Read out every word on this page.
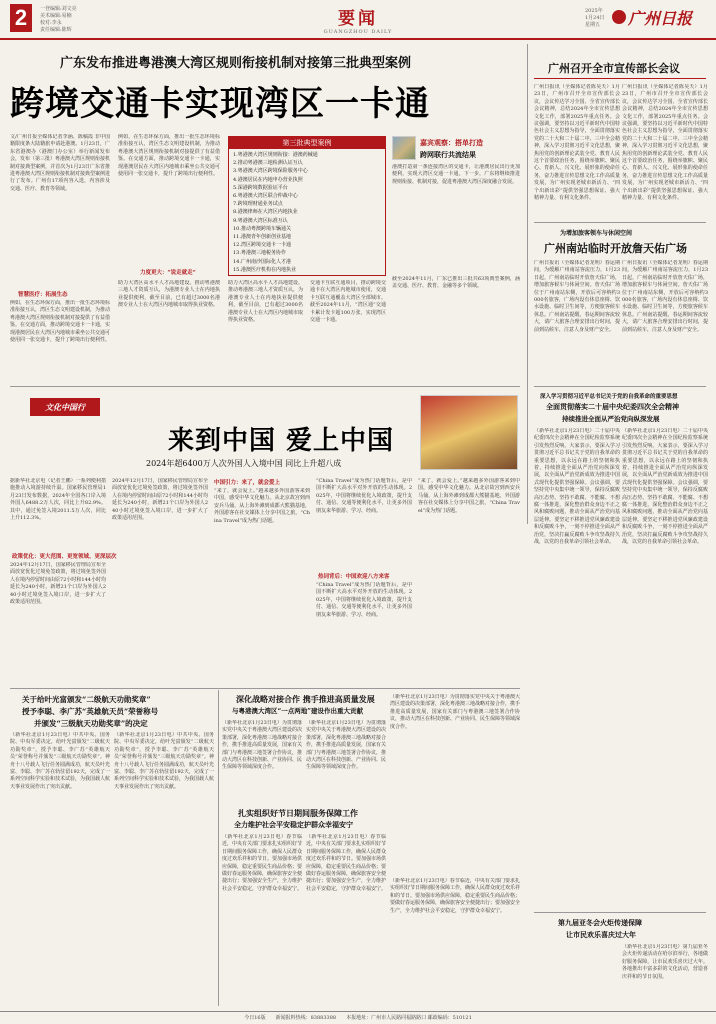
2	一登编辑:刘文亮
美术编辑:易楠
校对:李永
责任编辑:陈辉
要闻
GUANGZHOU DAILY
2025年
1月24日
星期五 广州日报
广东发布推进粤港澳大湾区规则衔接机制对接第三批典型案例
跨境交通卡实现湾区一卡通
文/广州日报全媒体记者李涵、陈稿霞 非中国籍限度条大陆籍旅申请赴港澳。1月23日，广东省港澳办（港澳门办公室）举行新闻发布会，发布（第三批）粤港澳大湾区规则衔接机制对接典型案例，并首次为1月23日广东省推进粤港澳大湾区规则衔接机制对接典型案例进行了发布。广州有17项内容入选，内容涉及交通、医疗、教育等领域。
智慧医疗：拓展生态
例如，在生态环保方面，推出一批生态环境标准衔接互认，湾区生态文明建设机制，为推动粤港澳大湾区规则衔接机制对接提供了有益借鉴。在交通方面，推动跨境交通卡一卡通，实现港澳居民在大湾区内地城市乘坐公共交通可使用同一张交通卡，提升了跨境出行便利性。
例如，在生态环保方面，推出一批生态环境标准衔接互认，湾区生态文明建设机制，为推动粤港澳大湾区规则衔接机制对接提供了有益借鉴。在交通方面，推动跨境交通卡一卡通，实现港澳居民在大湾区内地城市乘坐公共交通可使用同一张交通卡，提升了跨境出行便利性。
力度更大：“说走就走”
助力大湾区高水平人才高地建设。推动粤港澳三地人才资质互认，为港澳专业人士在内地执业提供便利，截至目前，已有超过3000名港澳专业人士在大湾区内地城市取得执业资格。
第三批典型案例
1.粤港澳大湾区规则衔接：港澳药械通
2.推动粤港澳三地检测认证互认
3.粤港澳大湾区跨境保险服务中心
4.港澳居民在内地申办营业执照
5.深港跨境数据验证平台
6.粤港澳大湾区联合仲裁中心
7.跨境理财通业务试点
8.港澳律师在大湾区内地执业
9.粤港澳大湾区标准互认
10.推动粤澳跨境车辆通关
11.港澳青年创新创业基地
12.湾区跨境交通卡一卡通
13.粤港澳三地税务协作
14.广州南沙国际化人才港
15.港澳医疗机构在内地执业
助力大湾区高水平人才高地建设。推动粤港澳三地人才资质互认，为港澳专业人士在内地执业提供便利，截至目前，已有超过3000名港澳专业人士在大湾区内地城市取得执业资格。
交通卡互联互通项目，推动跨境交通卡在大湾区内地城市使用，交通卡互联互通覆盖大湾区全部城市。截至2024年11月，“湾区通”交通卡累计发卡超100万张，实现湾区交通一卡通。
嘉宾观察：搭单打造
跨网联行共流结果
港澳打造第一条连接湾区的交通卡，让港澳居民出行更加便利，实现大湾区交通一卡通。下一步，广东将继续推进规则衔接、机制对接，促进粤港澳大湾区深度融合发展。
截至2024年11月，广东已推出三批共63项典型案例，涵盖交通、医疗、教育、金融等多个领域。
广州召开全市宣传部长会议
广州日报讯（全媒体记者陈昊天）1月23日，广州市召开全市宣传部长会议，会议传达学习全国、全省宣传部长会议精神，总结2024年全市宣传思想文化工作，部署2025年重点任务。会议强调，要坚持以习近平新时代中国特色社会主义思想为指导，全面贯彻落实党的二十大和二十届二中、三中全会精神，深入学习贯彻习近平文化思想，聚焦用党的创新理论武装全党、教育人民这个首要政治任务，围绕举旗帜、聚民心、育新人、兴文化、展形象的使命任务，奋力推进宣传思想文化工作高质量发展，为广州实现老城市新活力、“四个出新出彩”提供坚强思想保证、强大精神力量、有利文化条件。
广州日报讯（全媒体记者陈昊天）1月23日，广州市召开全市宣传部长会议，会议传达学习全国、全省宣传部长会议精神，总结2024年全市宣传思想文化工作，部署2025年重点任务。会议强调，要坚持以习近平新时代中国特色社会主义思想为指导，全面贯彻落实党的二十大和二十届二中、三中全会精神，深入学习贯彻习近平文化思想，聚焦用党的创新理论武装全党、教育人民这个首要政治任务，围绕举旗帜、聚民心、育新人、兴文化、展形象的使命任务，奋力推进宣传思想文化工作高质量发展，为广州实现老城市新活力、“四个出新出彩”提供坚强思想保证、强大精神力量、有利文化条件。
为增加旅客领车与休闲空间
广州南站临时开放詹天佑广场
广州日报讯（全媒体记者龙明）春运期间，为缓解广州南站客流压力，1月23日起，广州南站临时开放詹天佑广场，增加旅客候车与休闲空间。詹天佑广场位于广州南站东侧，开放后可容纳约3000名旅客，广场内设有休息座椅、饮水设施、临时卫生间等，方便旅客候车休息。广州南站提醒，春运期间客流较大，请广大旅客合理安排出行时间，提前到站候车，注意人身及财产安全。
广州日报讯（全媒体记者龙明）春运期间，为缓解广州南站客流压力，1月23日起，广州南站临时开放詹天佑广场，增加旅客候车与休闲空间。詹天佑广场位于广州南站东侧，开放后可容纳约3000名旅客，广场内设有休息座椅、饮水设施、临时卫生间等，方便旅客候车休息。广州南站提醒，春运期间客流较大，请广大旅客合理安排出行时间，提前到站候车，注意人身及财产安全。
文化中国行
来到中国 爱上中国
2024年超6400万人次外国人入境中国 同比上升超八成
据新华社北京电（记者王鹏）一系列便利措施推动入境游持续升温。国家移民管理局1月23日发布数据，2024年全国各口岸入境外国人6488.2万人次，同比上升82.9%。其中，通过免签入境2011.5万人次，同比上升112.3%。
政策优化：更大范围、更宽领域、更深层次
2024年12月17日，国家移民管理局宣布全面放宽优化过境免签政策，将过境免签外国人在境内停留时间由原72小时和144小时均延长为240小时，新增21个口岸为外国人240小时过境免签入境口岸，进一步扩大了政策适用范围。
2024年12月17日，国家移民管理局宣布全面放宽优化过境免签政策，将过境免签外国人在境内停留时间由原72小时和144小时均延长为240小时，新增21个口岸为外国人240小时过境免签入境口岸，进一步扩大了政策适用范围。
中国引力：来了，就会爱上
“来了，就会爱上。”越来越多外国游客来到中国，感受中华文化魅力。从北京故宫到西安兵马俑，从上海外滩到成都大熊猫基地，外国游客在社交媒体上分享中国之旅，“China Travel”成为热门话题。
“China Travel”成为热门话题背后，是中国不断扩大高水平对外开放的生动体现。2025年，中国将继续优化入境政策，提升支付、通信、交通等便利化水平，让更多外国朋友来华旅游、学习、经商。
热词背后：中国欢迎八方来客
“China Travel”成为热门话题背后，是中国不断扩大高水平对外开放的生动体现。2025年，中国将继续优化入境政策，提升支付、通信、交通等便利化水平，让更多外国朋友来华旅游、学习、经商。
“来了，就会爱上。”越来越多外国游客来到中国，感受中华文化魅力。从北京故宫到西安兵马俑，从上海外滩到成都大熊猫基地，外国游客在社交媒体上分享中国之旅，“China Travel”成为热门话题。
深入学习贯彻习近平总书记关于党的自我革命的重要思想
全面贯彻落实二十届中央纪委四次全会精神
持续推进全面从严治党向纵深发展
（新华社北京1月23日电）二十届中央纪委四次全会精神在全国纪检监察系统引发热烈反响。大家表示，要深入学习贯彻习近平总书记关于党的自我革命的重要思想，以永远在路上的坚韧和执着，持续推进全面从严治党向纵深发展，以全面从严治党新成效为推进中国式现代化提供坚强保障。会议强调，要坚持党中央集中统一领导，保持反腐败高压态势，坚持不敢腐、不能腐、不想腐一体推进，深化整治群众身边不正之风和腐败问题，推动全面从严治党向基层延伸。要坚定不移推进党风廉政建设和反腐败斗争，一刻不停推进全面从严治党，坚决打赢反腐败斗争攻坚战持久战，以党的自我革命引领社会革命。
（新华社北京1月23日电）二十届中央纪委四次全会精神在全国纪检监察系统引发热烈反响。大家表示，要深入学习贯彻习近平总书记关于党的自我革命的重要思想，以永远在路上的坚韧和执着，持续推进全面从严治党向纵深发展，以全面从严治党新成效为推进中国式现代化提供坚强保障。会议强调，要坚持党中央集中统一领导，保持反腐败高压态势，坚持不敢腐、不能腐、不想腐一体推进，深化整治群众身边不正之风和腐败问题，推动全面从严治党向基层延伸。要坚定不移推进党风廉政建设和反腐败斗争，一刻不停推进全面从严治党，坚决打赢反腐败斗争攻坚战持久战，以党的自我革命引领社会革命。
关于给叶光富颁发“二级航天功勋奖章”
授予李聪、李广苏“英雄航天员”荣誉称号
并颁发“三级航天功勋奖章”的决定
（新华社北京1月23日电）中共中央、国务院、中央军委决定，给叶光富颁发“二级航天功勋奖章”，授予李聪、李广苏“英雄航天员”荣誉称号并颁发“三级航天功勋奖章”。神舟十八号载人飞行任务圆满成功，航天员叶光富、李聪、李广苏在轨驻留192天，完成了一系列空间科学实验和技术试验，为我国载人航天事业发展作出了突出贡献。
（新华社北京1月23日电）中共中央、国务院、中央军委决定，给叶光富颁发“二级航天功勋奖章”，授予李聪、李广苏“英雄航天员”荣誉称号并颁发“三级航天功勋奖章”。神舟十八号载人飞行任务圆满成功，航天员叶光富、李聪、李广苏在轨驻留192天，完成了一系列空间科学实验和技术试验，为我国载人航天事业发展作出了突出贡献。
深化战略对接合作 携手推进高质量发展
与粤港澳大湾区“一点两地”建设作出重大贡献
（新华社北京1月23日电）为贯彻落实党中央关于粤港澳大湾区建设的决策部署，深化粤港澳三地战略对接合作，携手推进高质量发展，国家有关部门与粤港澳三地签署合作协议，推动大湾区在科技创新、产业协同、民生保障等领域深度合作。
（新华社北京1月23日电）为贯彻落实党中央关于粤港澳大湾区建设的决策部署，深化粤港澳三地战略对接合作，携手推进高质量发展，国家有关部门与粤港澳三地签署合作协议，推动大湾区在科技创新、产业协同、民生保障等领域深度合作。
（新华社北京1月23日电）为贯彻落实党中央关于粤港澳大湾区建设的决策部署，深化粤港澳三地战略对接合作，携手推进高质量发展，国家有关部门与粤港澳三地签署合作协议，推动大湾区在科技创新、产业协同、民生保障等领域深度合作。
扎实组织好节日期间服务保障工作
全力维护社会平安稳定护群众幸福安宁
（新华社北京1月23日电）春节临近，中央有关部门要求扎实组织好节日期间服务保障工作，确保人民群众度过欢乐祥和的节日。要加强市场供应保障，稳定重要民生商品价格；要做好春运服务保障，确保旅客安全便捷出行；要加强安全生产，全力维护社会平安稳定，守护群众幸福安宁。
（新华社北京1月23日电）春节临近，中央有关部门要求扎实组织好节日期间服务保障工作，确保人民群众度过欢乐祥和的节日。要加强市场供应保障，稳定重要民生商品价格；要做好春运服务保障，确保旅客安全便捷出行；要加强安全生产，全力维护社会平安稳定，守护群众幸福安宁。
（新华社北京1月23日电）春节临近，中央有关部门要求扎实组织好节日期间服务保障工作，确保人民群众度过欢乐祥和的节日。要加强市场供应保障，稳定重要民生商品价格；要做好春运服务保障，确保旅客安全便捷出行；要加强安全生产，全力维护社会平安稳定，守护群众幸福安宁。
第九届亚冬会火炬传递保障
让市民欢乐喜庆过大年
（新华社北京1月23日电）第九届亚冬会火炬传递活动在哈尔滨举行，各地做好服务保障，让市民欢乐喜庆过大年。各地推出丰富多彩的文化活动，营造喜庆祥和的节日氛围。
今日16版　　 新闻报料热线：83883388　　 本报地址：广州市人民路同福路路口 邮政编码：510121
